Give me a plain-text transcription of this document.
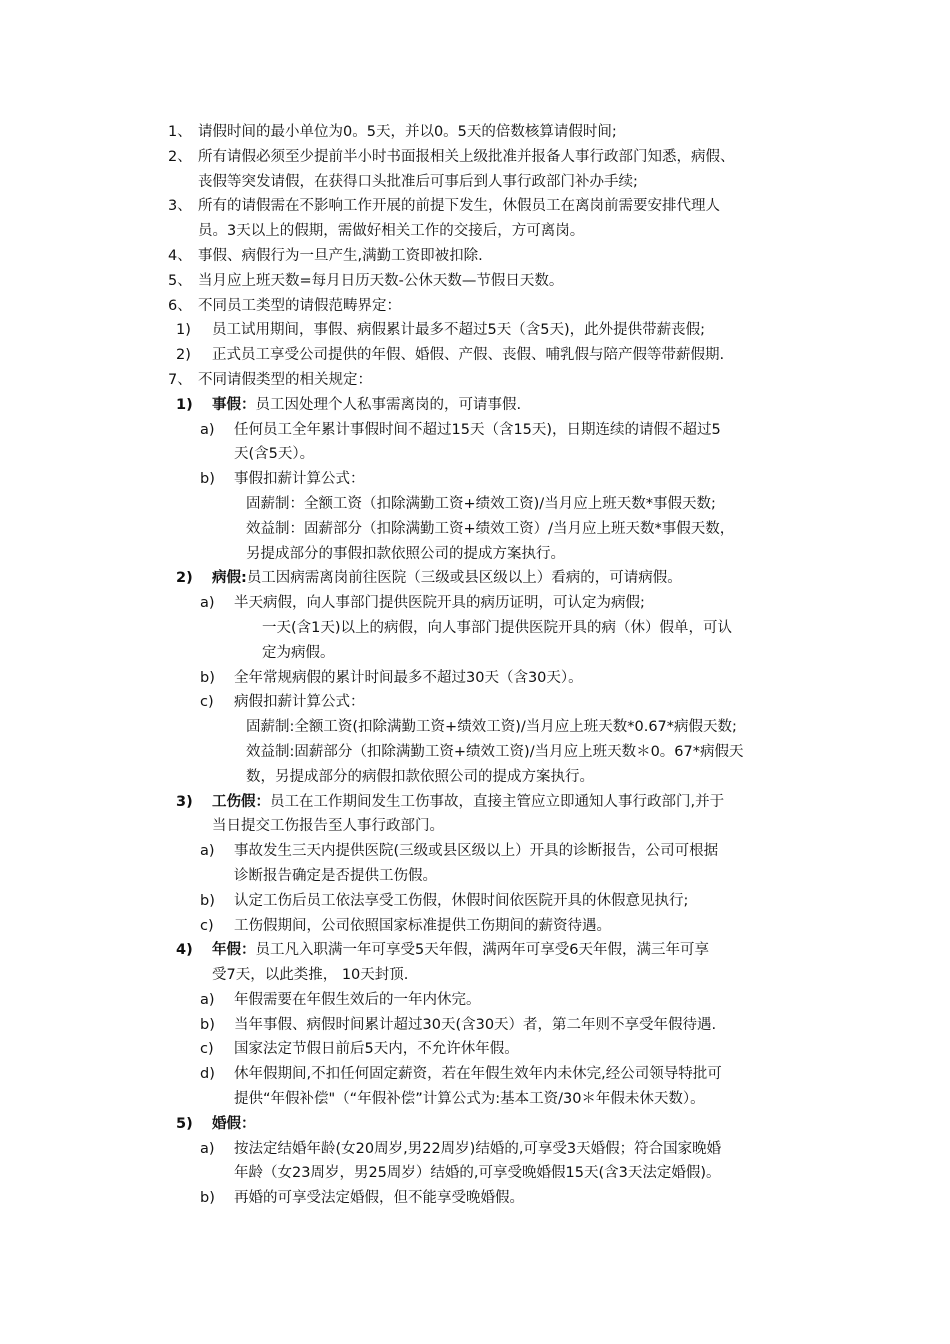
1、 请假时间的最小单位为0。5天，并以0。5天的倍数核算请假时间;
2、 所有请假必须至少提前半小时书面报相关上级批准并报备人事行政部门知悉，病假、
丧假等突发请假，在获得口头批准后可事后到人事行政部门补办手续;
3、 所有的请假需在不影响工作开展的前提下发生，休假员工在离岗前需要安排代理人
员。3天以上的假期，需做好相关工作的交接后，方可离岗。
4、 事假、病假行为一旦产生,满勤工资即被扣除.
5、 当月应上班天数=每月日历天数-公休天数—节假日天数。
6、 不同员工类型的请假范畴界定：
1) 员工试用期间，事假、病假累计最多不超过5天（含5天)，此外提供带薪丧假;
2) 正式员工享受公司提供的年假、婚假、产假、丧假、哺乳假与陪产假等带薪假期.
7、 不同请假类型的相关规定：
1) 事假：员工因处理个人私事需离岗的，可请事假.
a) 任何员工全年累计事假时间不超过15天（含15天)，日期连续的请假不超过5
天(含5天）。
b) 事假扣薪计算公式：
固薪制：全额工资（扣除满勤工资+绩效工资)/当月应上班天数*事假天数;
效益制：固薪部分（扣除满勤工资+绩效工资）/当月应上班天数*事假天数，
另提成部分的事假扣款依照公司的提成方案执行。
2) 病假:员工因病需离岗前往医院（三级或县区级以上）看病的，可请病假。
a) 半天病假，向人事部门提供医院开具的病历证明，可认定为病假;
一天(含1天)以上的病假，向人事部门提供医院开具的病（休）假单，可认
定为病假。
b) 全年常规病假的累计时间最多不超过30天（含30天）。
c) 病假扣薪计算公式：
固薪制:全额工资(扣除满勤工资+绩效工资)/当月应上班天数*0.67*病假天数;
效益制:固薪部分（扣除满勤工资+绩效工资)/当月应上班天数＊0。67*病假天
数，另提成部分的病假扣款依照公司的提成方案执行。
3) 工伤假：员工在工作期间发生工伤事故，直接主管应立即通知人事行政部门,并于
当日提交工伤报告至人事行政部门。
a) 事故发生三天内提供医院(三级或县区级以上）开具的诊断报告，公司可根据
诊断报告确定是否提供工伤假。
b) 认定工伤后员工依法享受工伤假，休假时间依医院开具的休假意见执行;
c) 工伤假期间，公司依照国家标准提供工伤期间的薪资待遇。
4) 年假：员工凡入职满一年可享受5天年假，满两年可享受6天年假，满三年可享
受7天，以此类推， 10天封顶.
a) 年假需要在年假生效后的一年内休完。
b) 当年事假、病假时间累计超过30天(含30天）者，第二年则不享受年假待遇.
c) 国家法定节假日前后5天内，不允许休年假。
d) 休年假期间,不扣任何固定薪资，若在年假生效年内未休完,经公司领导特批可
提供“年假补偿"（“年假补偿”计算公式为:基本工资/30＊年假未休天数）。
5) 婚假：
a) 按法定结婚年龄(女20周岁,男22周岁)结婚的,可享受3天婚假；符合国家晚婚
年龄（女23周岁，男25周岁）结婚的,可享受晚婚假15天(含3天法定婚假)。
b) 再婚的可享受法定婚假，但不能享受晚婚假。
